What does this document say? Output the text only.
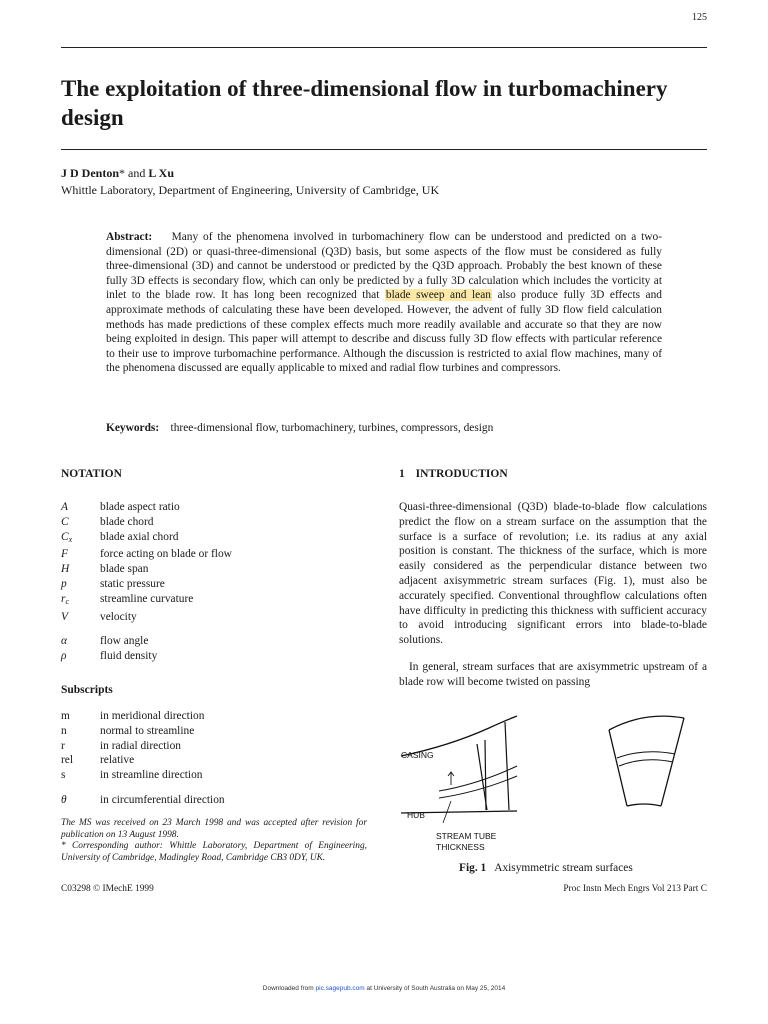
125
The exploitation of three-dimensional flow in turbomachinery design
J D Denton* and L Xu
Whittle Laboratory, Department of Engineering, University of Cambridge, UK

Abstract: Many of the phenomena involved in turbomachinery flow can be understood and predicted on a two-dimensional (2D) or quasi-three-dimensional (Q3D) basis, but some aspects of the flow must be considered as fully three-dimensional (3D) and cannot be understood or predicted by the Q3D approach. Probably the best known of these fully 3D effects is secondary flow, which can only be predicted by a fully 3D calculation which includes the vorticity at inlet to the blade row. It has long been recognized that blade sweep and lean also produce fully 3D effects and approximate methods of calculating these have been developed. However, the advent of fully 3D flow field calculation methods has made predictions of these complex effects much more readily available and accurate so that they are now being exploited in design. This paper will attempt to describe and discuss fully 3D flow effects with particular reference to their use to improve turbomachine performance. Although the discussion is restricted to axial flow machines, many of the phenomena discussed are equally applicable to mixed and radial flow turbines and compressors.

Keywords: three-dimensional flow, turbomachinery, turbines, compressors, design
NOTATION	1 INTRODUCTION
A	blade aspect ratio
C	blade chord
$C_x$	blade axial chord
F	force acting on blade or flow
H	blade span
p	static pressure
$r_c$	streamline curvature
V	velocity
α	flow angle
ρ	fluid density
Subscripts
m	in meridional direction
n	normal to streamline
r	in radial direction
rel	relative
s	in streamline direction
θ	in circumferential direction

Quasi-three-dimensional (Q3D) blade-to-blade flow calculations predict the flow on a stream surface on the assumption that the surface is a surface of revolution; i.e. its radius at any axial position is constant. The thickness of the surface, which is more easily considered as the perpendicular distance between two adjacent axisymmetric stream surfaces (Fig. 1), must also be accurately specified. Conventional throughflow calculations often have difficulty in predicting this thickness with sufficient accuracy to avoid introducing significant errors into blade-to-blade solutions.

In general, stream surfaces that are axisymmetric upstream of a blade row will become twisted on passing

CASING
HUB
STREAM TUBE
THICKNESS
Fig. 1 Axisymmetric stream surfaces

The MS was received on 23 March 1998 and was accepted after revision for publication on 13 August 1998.

* Corresponding author: Whittle Laboratory, Department of Engineering, University of Cambridge, Madingley Road, Cambridge CB3 0DY, UK.

C03298 © IMechE 1999	Proc Instn Mech Engrs Vol 213 Part C
Downloaded from pic.sagepub.com at University of South Australia on May 25, 2014
